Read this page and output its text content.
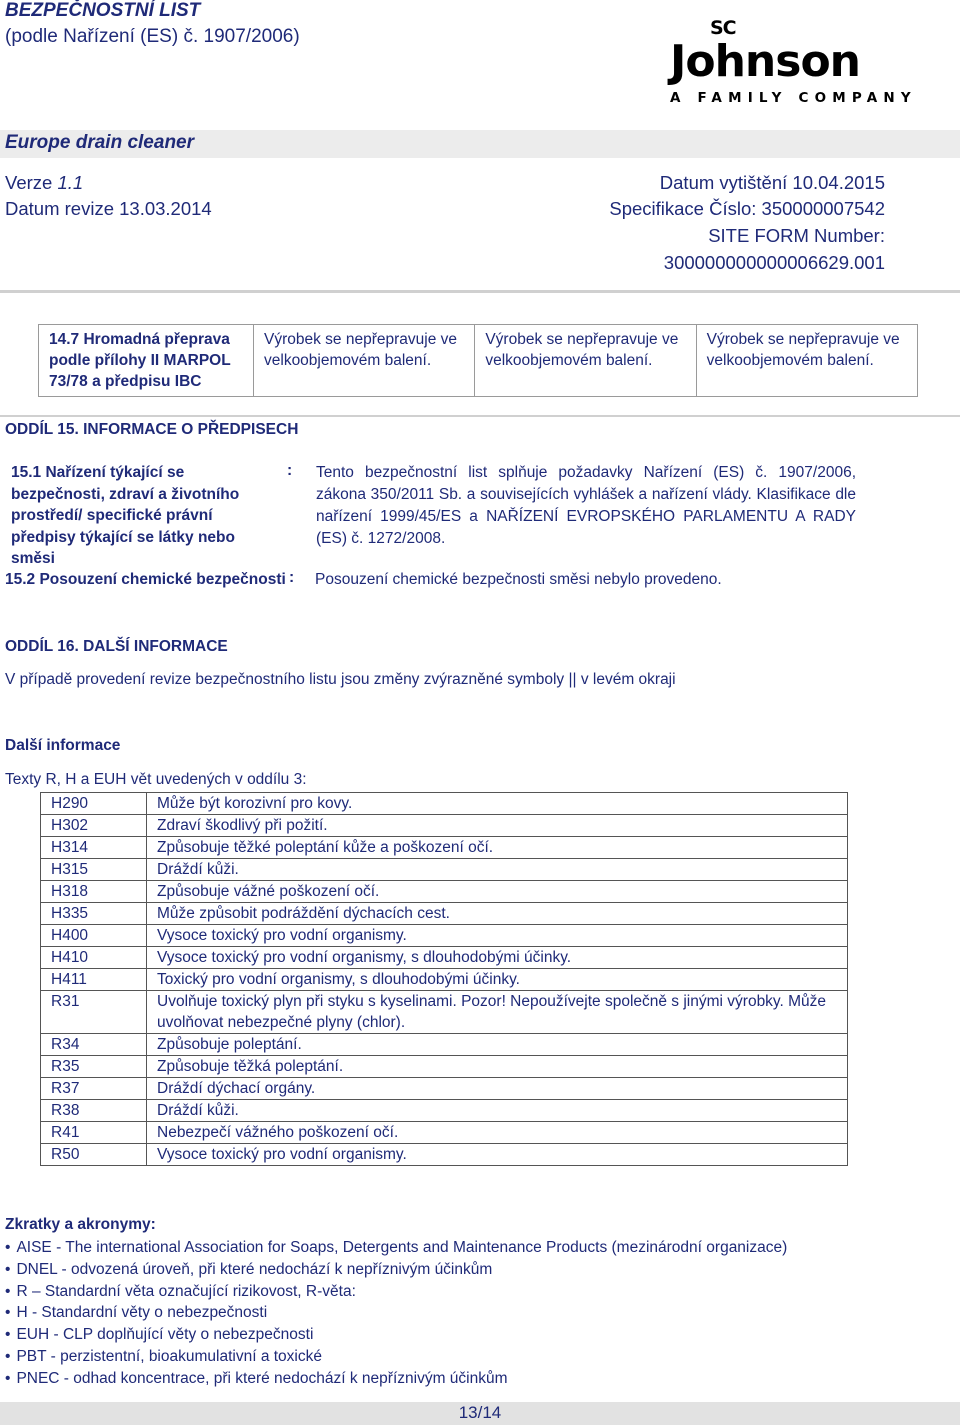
BEZPEČNOSTNÍ LIST
(podle Nařízení (ES) č. 1907/2006)	SC
Johnson
A FAMILY COMPANY
Europe drain cleaner
Verze 1.1
Datum revize 13.03.2014
Datum vytištění 10.04.2015
Specifikace Číslo: 350000007542
SITE FORM Number:
300000000000006629.001
14.7 Hromadná přeprava podle přílohy II MARPOL 73/78 a předpisu IBC	Výrobek se nepřepravuje ve velkoobjemovém balení.	Výrobek se nepřepravuje ve velkoobjemovém balení.	Výrobek se nepřepravuje ve velkoobjemovém balení.
ODDÍL 15. INFORMACE O PŘEDPISECH
15.1 Nařízení týkající se bezpečnosti, zdraví a životního prostředí/ specifické právní předpisy týkající se látky nebo směsi
: Tento bezpečnostní list splňuje požadavky Nařízení (ES) č. 1907/2006, zákona 350/2011 Sb. a souvisejících vyhlášek a nařízení vlády. Klasifikace dle nařízení 1999/45/ES a NAŘÍZENÍ EVROPSKÉHO PARLAMENTU A RADY (ES) č. 1272/2008.
15.2 Posouzení chemické bezpečnosti : Posouzení chemické bezpečnosti směsi nebylo provedeno.
ODDÍL 16. DALŠÍ INFORMACE
V případě provedení revize bezpečnostního listu jsou změny zvýrazněné symboly || v levém okraji
Další informace
Texty R, H a EUH vět uvedených v oddílu 3:
H290	Může být korozivní pro kovy.
H302	Zdraví škodlivý při požití.
H314	Způsobuje těžké poleptání kůže a poškození očí.
H315	Dráždí kůži.
H318	Způsobuje vážné poškození očí.
H335	Může způsobit podráždění dýchacích cest.
H400	Vysoce toxický pro vodní organismy.
H410	Vysoce toxický pro vodní organismy, s dlouhodobými účinky.
H411	Toxický pro vodní organismy, s dlouhodobými účinky.
R31	Uvolňuje toxický plyn při styku s kyselinami. Pozor! Nepoužívejte společně s jinými výrobky. Může uvolňovat nebezpečné plyny (chlor).
R34	Způsobuje poleptání.
R35	Způsobuje těžká poleptání.
R37	Dráždí dýchací orgány.
R38	Dráždí kůži.
R41	Nebezpečí vážného poškození očí.
R50	Vysoce toxický pro vodní organismy.
Zkratky a akronymy:
• AISE - The international Association for Soaps, Detergents and Maintenance Products (mezinárodní organizace)
• DNEL - odvozená úroveň, při které nedochází k nepříznivým účinkům
• R – Standardní věta označující rizikovost, R-věta:
• H - Standardní věty o nebezpečnosti
• EUH - CLP doplňující věty o nebezpečnosti
• PBT - perzistentní, bioakumulativní a toxické
• PNEC - odhad koncentrace, při které nedochází k nepříznivým účinkům
13/14
